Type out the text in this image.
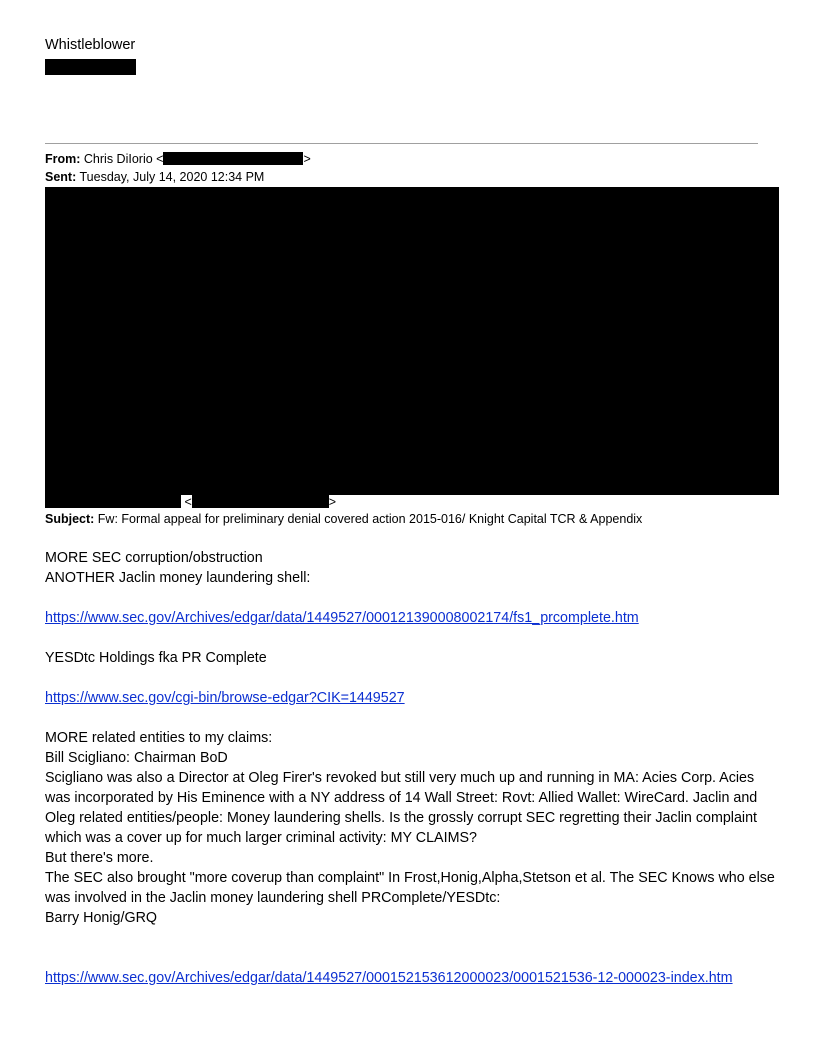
Whistleblower
From: Chris DiIorio <	>
Sent: Tuesday, July 14, 2020 12:34 PM
<	>
Subject: Fw: Formal appeal for preliminary denial covered action 2015-016/ Knight Capital TCR & Appendix
MORE SEC corruption/obstruction
ANOTHER Jaclin money laundering shell:
https://www.sec.gov/Archives/edgar/data/1449527/000121390008002174/fs1_prcomplete.htm
YESDtc Holdings fka PR Complete
https://www.sec.gov/cgi-bin/browse-edgar?CIK=1449527
MORE related entities to my claims:
Bill Scigliano: Chairman BoD
Scigliano was also a Director at Oleg Firer's revoked but still very much up and running in MA: Acies Corp. Acies was incorporated by His Eminence with a NY address of 14 Wall Street: Rovt: Allied Wallet: WireCard. Jaclin and Oleg related entities/people: Money laundering shells. Is the grossly corrupt SEC regretting their Jaclin complaint which was a cover up for much larger criminal activity: MY CLAIMS?
But there's more.
The SEC also brought "more coverup than complaint" In Frost,Honig,Alpha,Stetson et al. The SEC Knows who else was involved in the Jaclin money laundering shell PRComplete/YESDtc:
Barry Honig/GRQ
https://www.sec.gov/Archives/edgar/data/1449527/000152153612000023/0001521536-12-000023-index.htm
